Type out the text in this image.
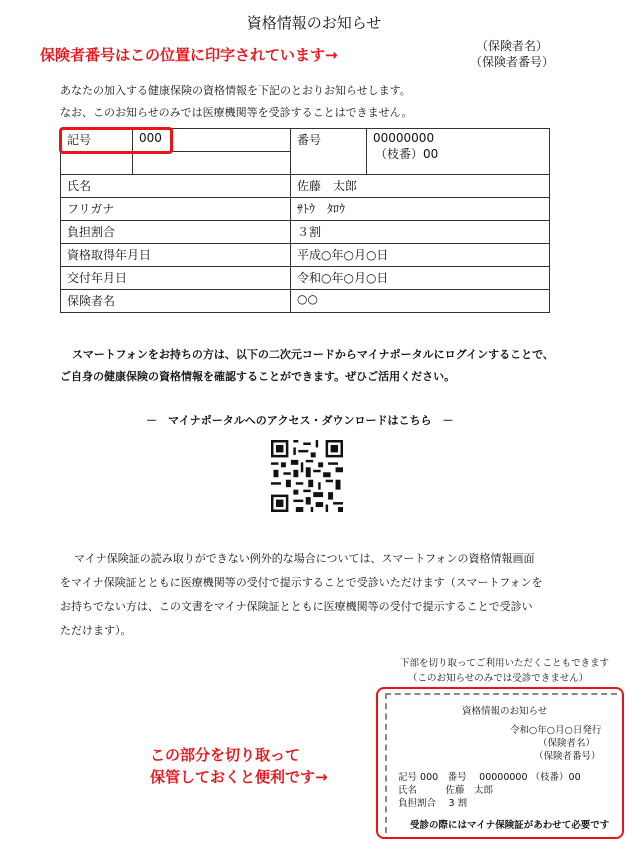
資格情報のお知らせ
保険者番号はこの位置に印字されています→	（保険者名）
（保険者番号）
あなたの加入する健康保険の資格情報を下記のとおりお知らせします。
なお、このお知らせのみでは医療機関等を受診することはできません。
記号	000	番号	00000000
（枝番）00

氏名		佐藤　太郎	
フリガナ		ｻﾄｳ　ﾀﾛｳ	
負担割合		３割	
資格取得年月日		平成○年○月○日	
交付年月日		令和○年○月○日	
保険者名		○○	
スマートフォンをお持ちの方は、以下の二次元コードからマイナポータルにログインすることで、
ご自身の健康保険の資格情報を確認することができます。ぜひご活用ください。
－　マイナポータルへのアクセス・ダウンロードはこちら　－
マイナ保険証の読み取りができない例外的な場合については、スマートフォンの資格情報画面
をマイナ保険証とともに医療機関等の受付で提示することで受診いただけます（スマートフォンを
お持ちでない方は、この文書をマイナ保険証とともに医療機関等の受付で提示することで受診い
ただけます）。
下部を切り取ってご利用いただくこともできます
（このお知らせのみでは受診できません）
この部分を切り取って
保管しておくと便利です→
資格情報のお知らせ
令和○年○月○日発行
（保険者名）
（保険者番号）
記号 000　番号　 00000000 （枝番）00
氏名　　　佐藤　太郎
負担割合　 3 割
受診の際にはマイナ保険証があわせて必要です
